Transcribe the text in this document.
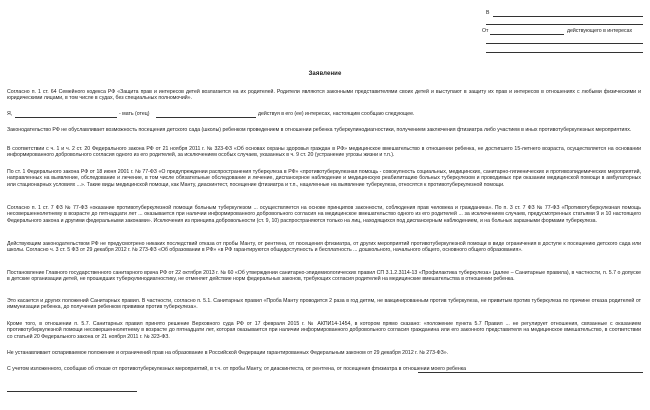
В
От	действующего в интересах
Заявление
Я,	- мать (отец)	действуя в его (ее) интересах, настоящим сообщаю следующее.
Согласно п. 1 ст. 64 Семейного кодекса РФ «Защита прав и интересов детей возлагается на их родителей. Родители являются законными представителями своих детей и выступают в защиту их прав и интересов в отношениях с любыми физическими и юридическими лицами, в том числе в судах, без специальных полномочий».
Законодательство РФ не обуславливает возможность посещения детского сада (школы) ребенком проведением в отношении ребенка туберкулинодиагностики, получением заключения фтизиатра либо участием в иных противотуберкулезных мероприятиях.
В соответствии с ч. 1 и ч. 2 ст. 20 Федерального закона РФ от 21 ноября 2011 г. № 323-ФЗ «Об основах охраны здоровья граждан в РФ» медицинское вмешательство в отношении ребенка, не достигшего 15-летнего возраста, осуществляется на основании информированного добровольного согласия одного из его родителей, за исключением особых случаев, указанных в ч. 9 ст. 20 (устранение угрозы жизни и т.п.).
По ст. 1 Федерального закона РФ от 18 июня 2001 г. № 77-ФЗ «О предупреждении распространения туберкулеза в РФ» «противотуберкулезная помощь - совокупность социальных, медицинских, санитарно-гигиенических и противоэпидемических мероприятий, направленных на выявление, обследование и лечение, в том числе обязательные обследование и лечение, диспансерное наблюдение и медицинскую реабилитацию больных туберкулезом и проводимых при оказании медицинской помощи в амбулаторных или стационарных условиях ...». Такие виды медицинской помощи, как Манту, диаскинтест, посещение фтизиатра и т.п., нацеленные на выявление туберкулеза, относятся к противотуберкулезной помощи.
Согласно п. 1 ст. 7 ФЗ № 77-ФЗ «оказание противотуберкулезной помощи больным туберкулезом ... осуществляется на основе принципов законности, соблюдения прав человека и гражданина». По п. 3 ст. 7 ФЗ № 77-ФЗ «Противотуберкулезная помощь несовершеннолетнему в возрасте до пятнадцати лет ... оказывается при наличии информированного добровольного согласия на медицинское вмешательство одного из его родителей ... за исключением случаев, предусмотренных статьями 9 и 10 настоящего Федерального закона и другими федеральными законами». Исключения из принципа добровольности (ст. 9, 10) распространяются только на лиц, находящихся под диспансерным наблюдением, и на больных заразными формами туберкулеза.
Действующим законодательством РФ не предусмотрено никаких последствий отказа от пробы Манту, от рентгена, от посещения фтизиатра, от других мероприятий противотуберкулезной помощи в виде ограничения в доступе к посещению детского сада или школы. Согласно ч. 3 ст. 5 ФЗ от 29 декабря 2012 г. № 273-ФЗ «Об образовании в РФ» «в РФ гарантируются общедоступность и бесплатность ... дошкольного, начального общего, основного общего образования».
Постановление Главного государственного санитарного врача РФ от 22 октября 2013 г. № 60 «Об утверждении санитарно-эпидемиологических правил СП 3.1.2.3114-13 «Профилактика туберкулеза» (далее – Санитарные правила), в частности, п. 5.7 о допуске в детские организации детей, не прошедших туберкулинодиагностику, не отменяет действие норм федеральных законов, требующих согласия родителей на медицинские вмешательства в отношении ребенка.
Это касается и других положений Санитарных правил. В частности, согласно п. 5.1. Санитарных правил «Проба Манту проводится 2 раза в год детям, не вакцинированным против туберкулеза, не привитым против туберкулеза по причине отказа родителей от иммунизации ребенка, до получения ребенком прививки против туберкулеза».
Кроме того, в отношении п. 5.7. Санитарных правил принято решение Верховного суда РФ от 17 февраля 2015 г. № АКПИ14-1454, в котором прямо сказано: «положение пункта 5.7 Правил ... не регулирует отношения, связанные с оказанием противотуберкулезной помощи несовершеннолетнему в возрасте до пятнадцати лет, которая оказывается при наличии информированного добровольного согласия гражданина или его законного представителя на медицинское вмешательство, в соответствии со статьей 20 Федерального закона от 21 ноября 2011 г. № 323-ФЗ.
Не устанавливает оспариваемое положение и ограничений прав на образование в Российской Федерации гарантированных Федеральным законом от 29 декабря 2012 г. № 273-ФЗ».
С учетом изложенного, сообщаю об отказе от противотуберкулезных мероприятий, в т.ч. от пробы Манту, от диаскинтеста, от рентгена, от посещения фтизиатра в отношении моего ребенка
